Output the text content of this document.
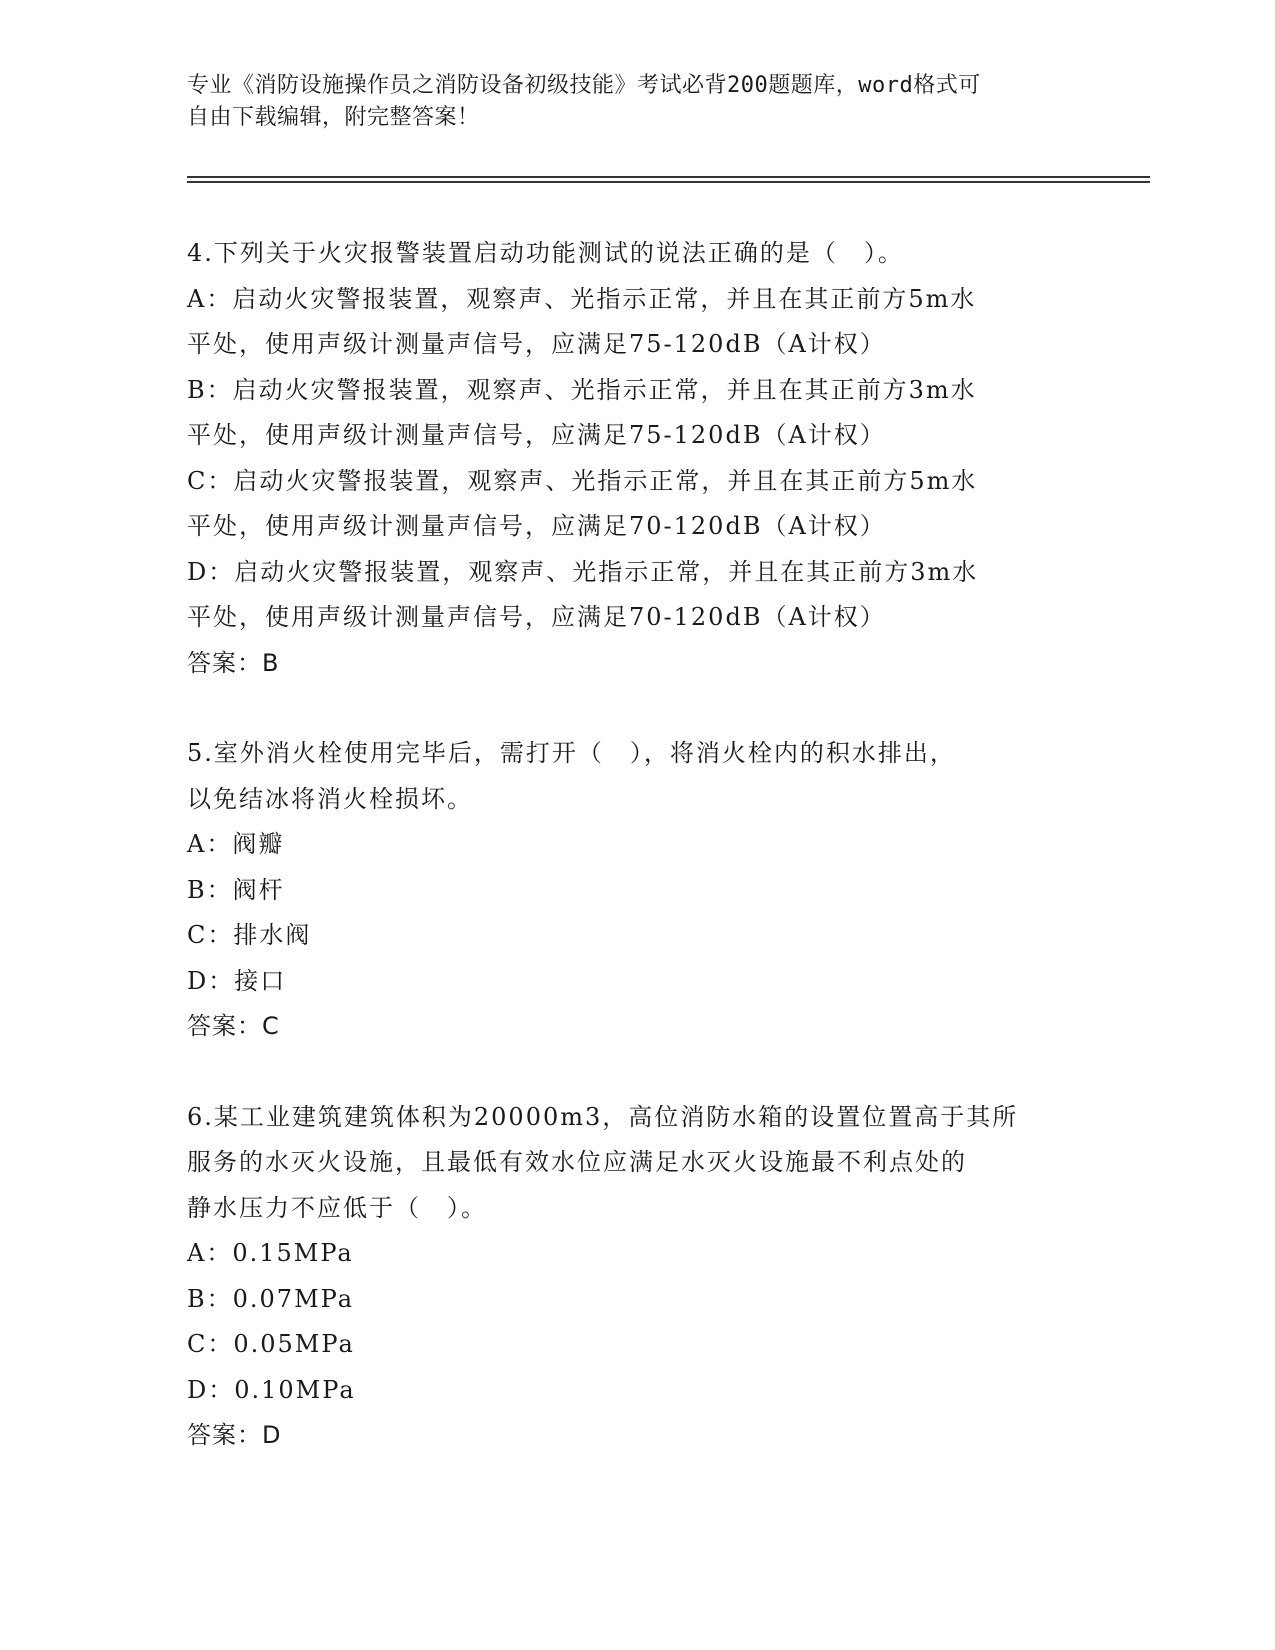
专业《消防设施操作员之消防设备初级技能》考试必背200题题库，word格式可
自由下载编辑，附完整答案！
4.下列关于火灾报警装置启动功能测试的说法正确的是（　）。
A：启动火灾警报装置，观察声、光指示正常，并且在其正前方5m水
平处，使用声级计测量声信号，应满足75-120dB（A计权）
B：启动火灾警报装置，观察声、光指示正常，并且在其正前方3m水
平处，使用声级计测量声信号，应满足75-120dB（A计权）
C：启动火灾警报装置，观察声、光指示正常，并且在其正前方5m水
平处，使用声级计测量声信号，应满足70-120dB（A计权）
D：启动火灾警报装置，观察声、光指示正常，并且在其正前方3m水
平处，使用声级计测量声信号，应满足70-120dB（A计权）
答案：B
5.室外消火栓使用完毕后，需打开（　），将消火栓内的积水排出，
以免结冰将消火栓损坏。
A：阀瓣
B：阀杆
C：排水阀
D：接口
答案：C
6.某工业建筑建筑体积为20000m3，高位消防水箱的设置位置高于其所
服务的水灭火设施，且最低有效水位应满足水灭火设施最不利点处的
静水压力不应低于（　）。
A：0.15MPa
B：0.07MPa
C：0.05MPa
D：0.10MPa
答案：D
